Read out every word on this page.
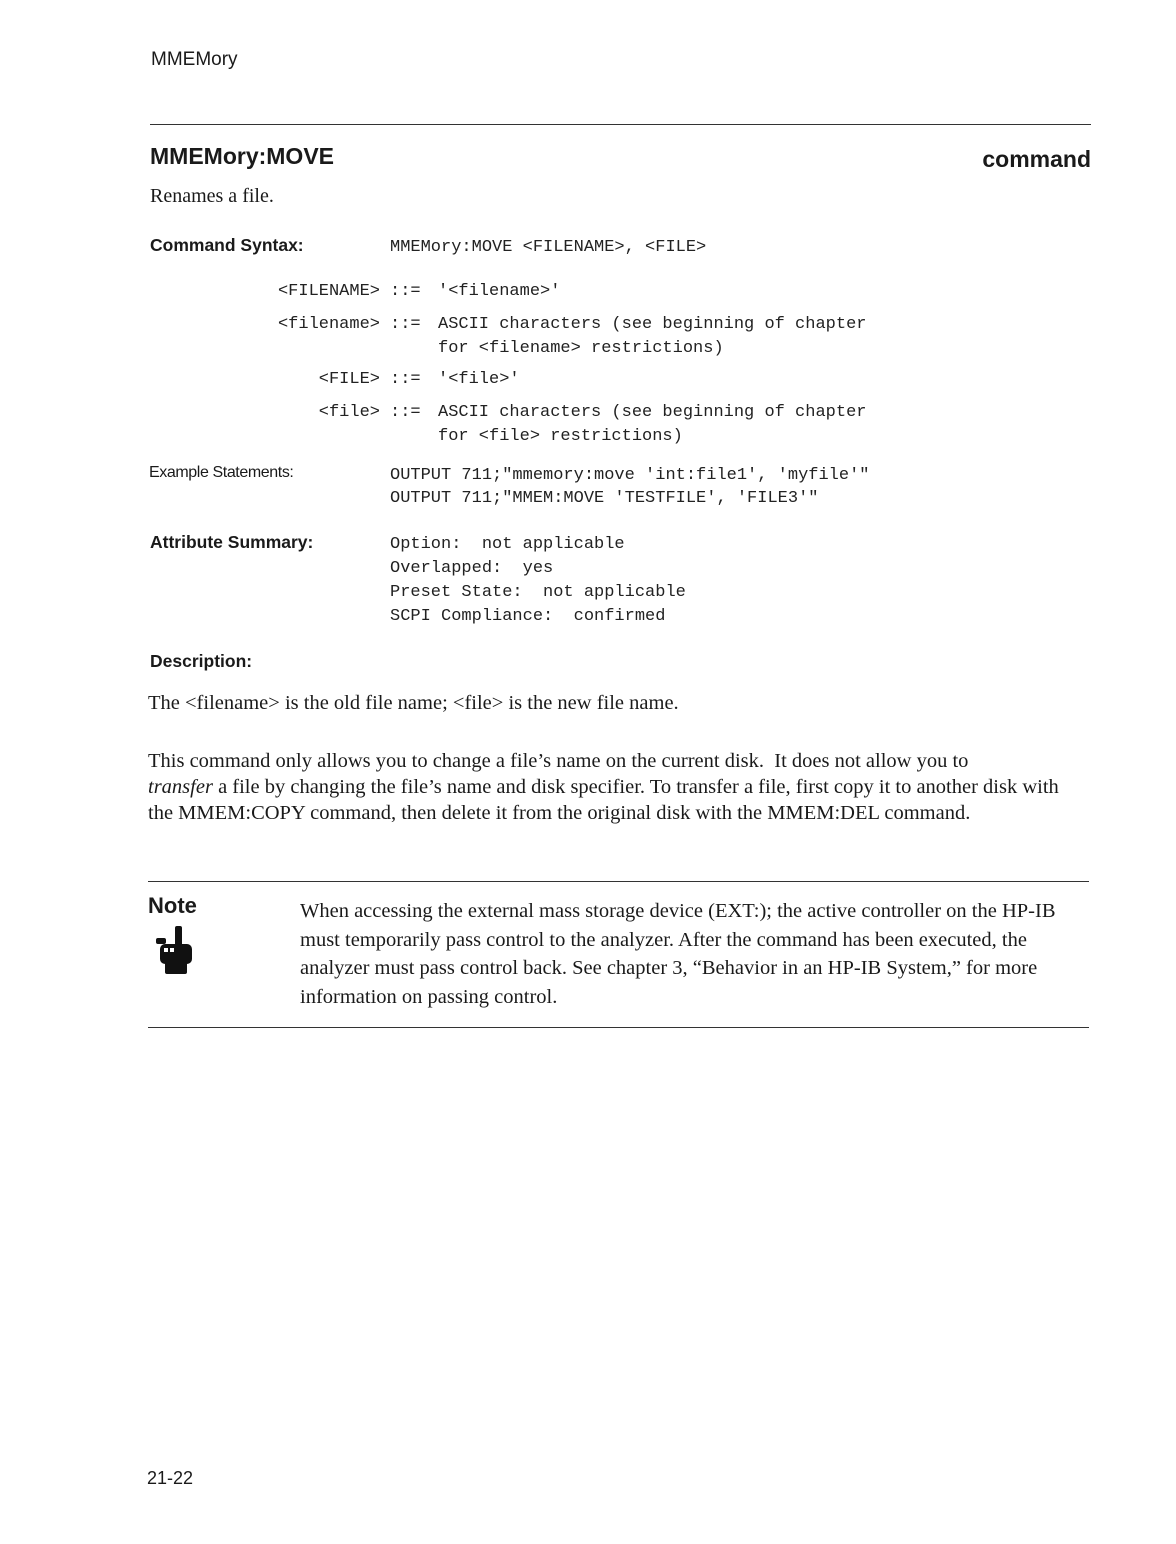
MMEMory
MMEMory:MOVE	command
Renames a file.
Command Syntax:	MMEMory:MOVE <FILENAME>, <FILE>
<FILENAME> ::= '<filename>'
<filename> ::= ASCII characters (see beginning of chapter
for <filename> restrictions)
<FILE> ::= '<file>'
<file> ::= ASCII characters (see beginning of chapter
for <file> restrictions)
Example Statements:	OUTPUT 711;"mmemory:move 'int:file1', 'myfile'"
OUTPUT 711;"MMEM:MOVE 'TESTFILE', 'FILE3'"
Attribute Summary:	Option:  not applicable
Overlapped:  yes
Preset State:  not applicable
SCPI Compliance:  confirmed
Description:
The <filename> is the old file name; <file> is the new file name.
This command only allows you to change a file’s name on the current disk.  It does not allow you to
transfer a file by changing the file’s name and disk specifier. To transfer a file, first copy it to another disk with the MMEM:COPY command, then delete it from the original disk with the MMEM:DEL command.
Note	When accessing the external mass storage device (EXT:); the active controller on the HP-IB must temporarily pass control to the analyzer. After the command has been executed, the analyzer must pass control back. See chapter 3, “Behavior in an HP-IB System,” for more information on passing control.
21-22
